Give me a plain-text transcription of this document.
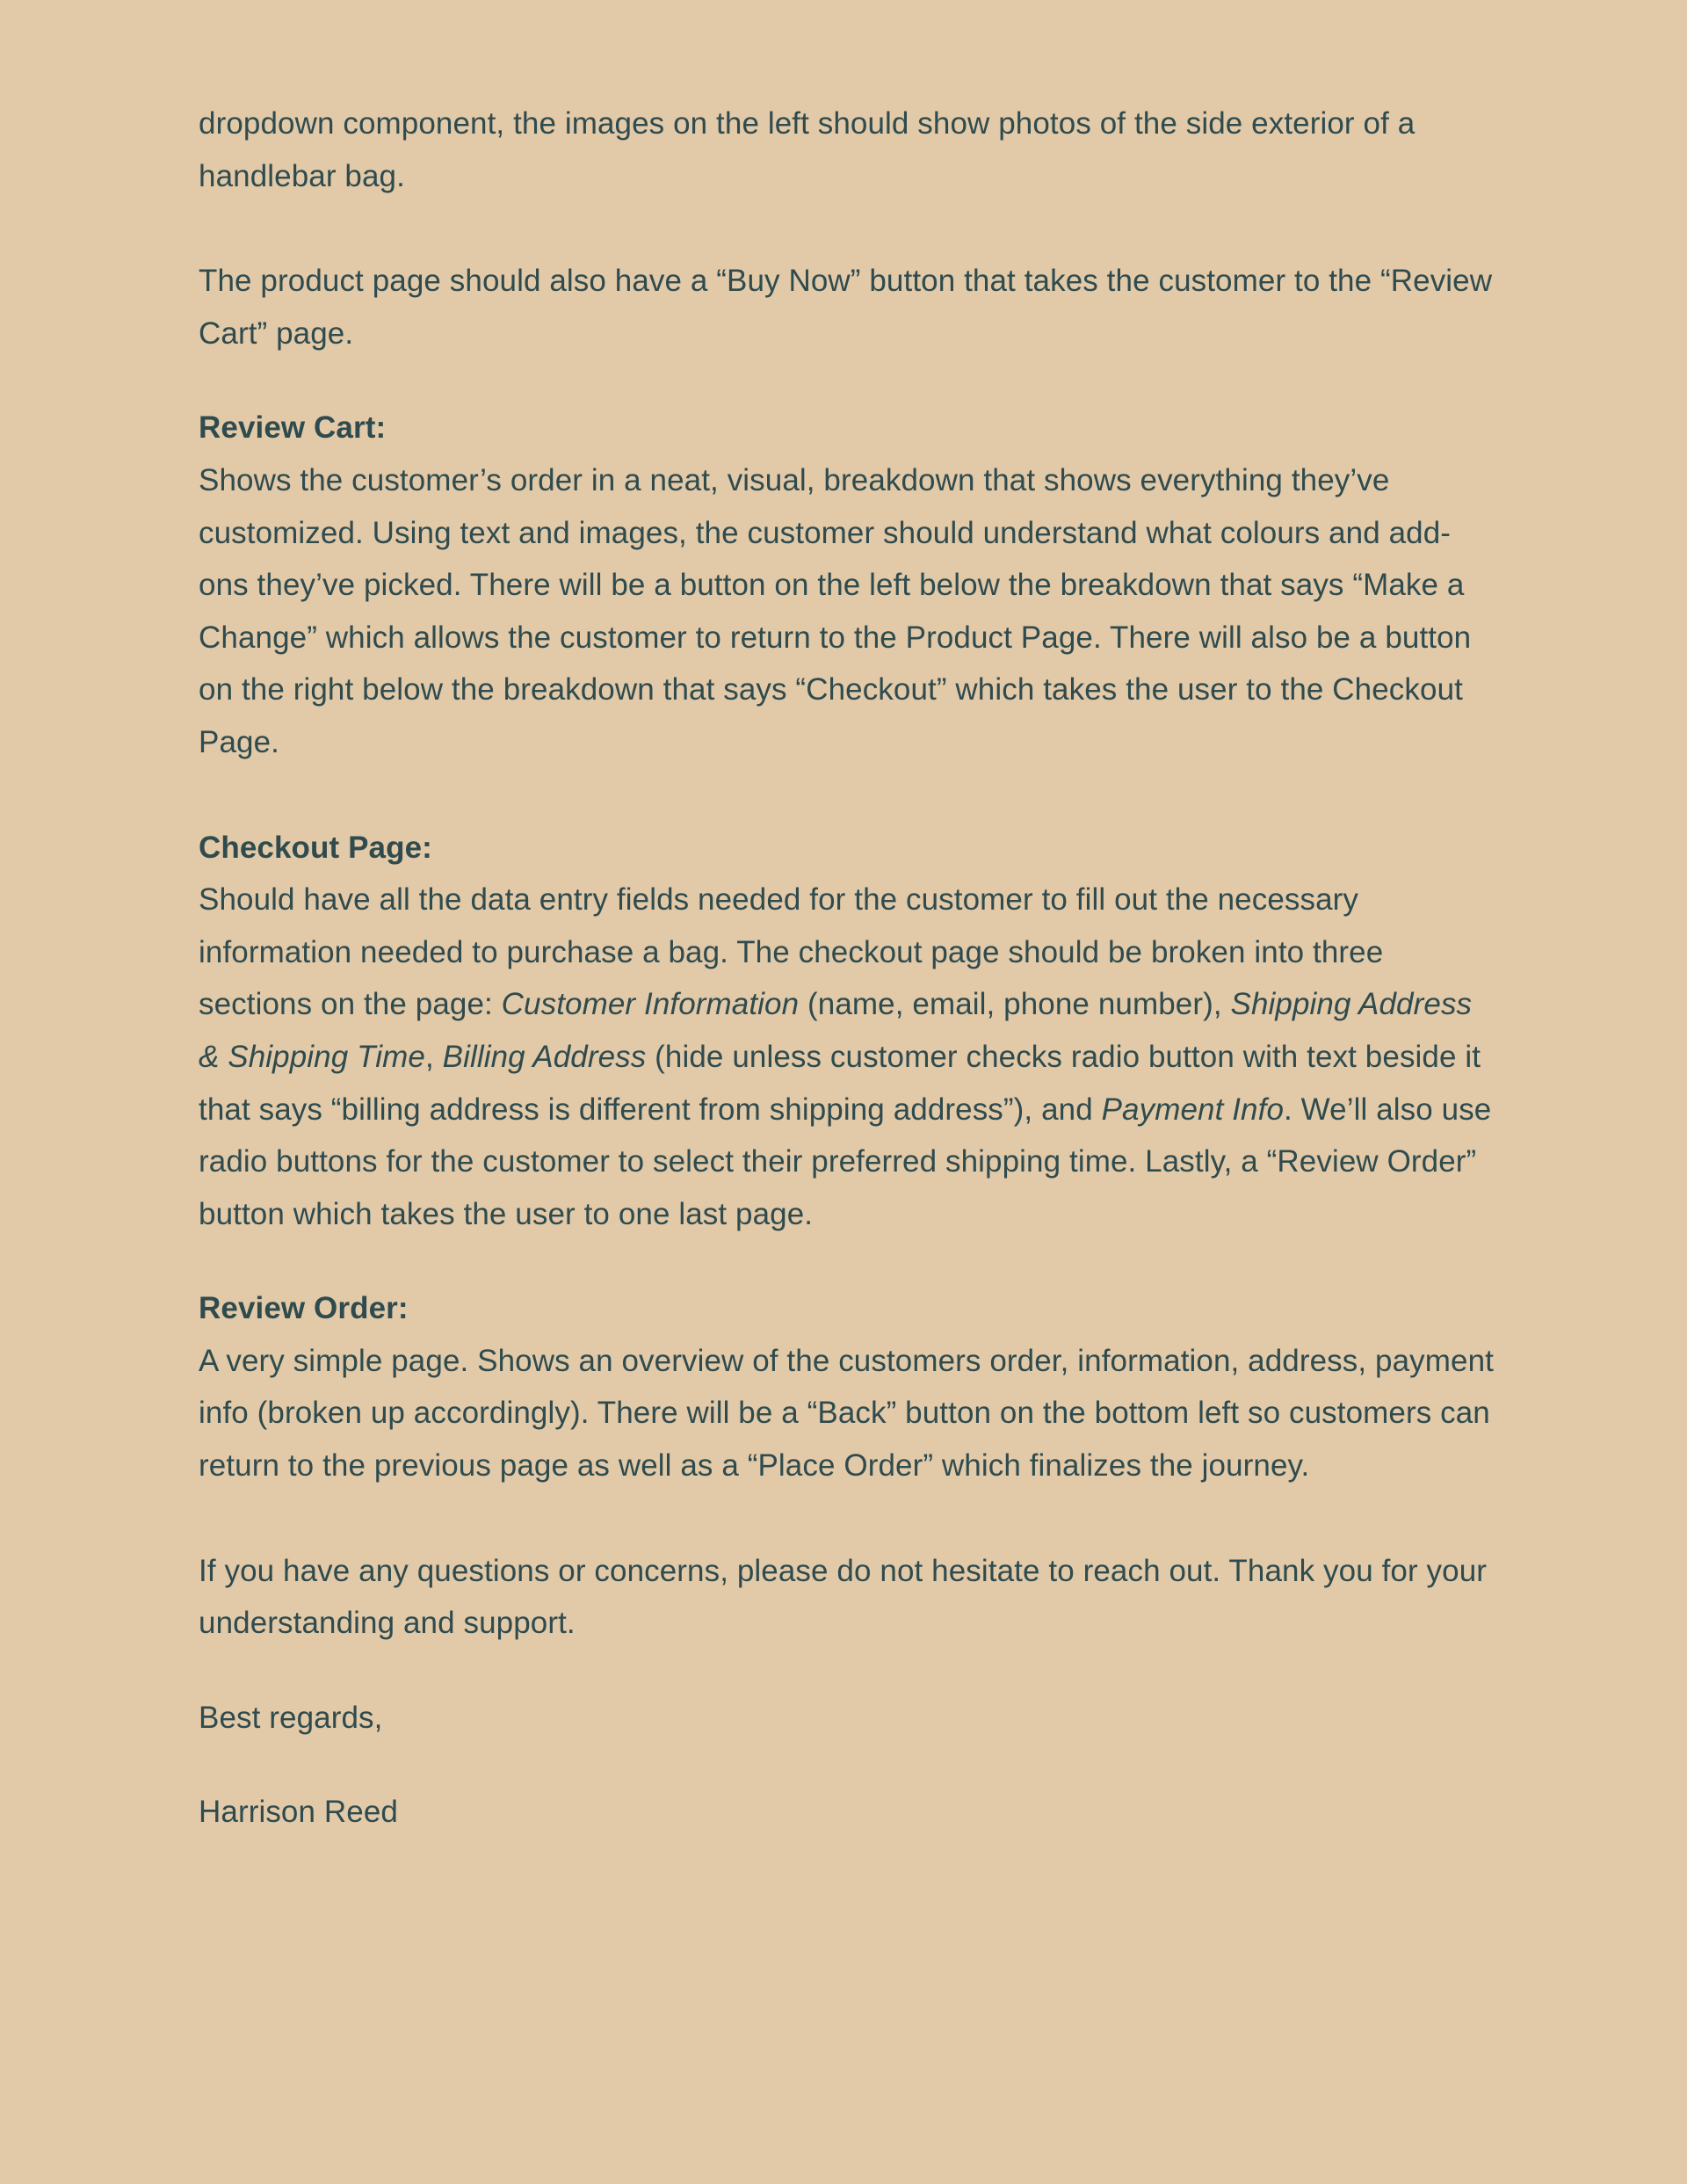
dropdown component, the images on the left should show photos of the side exterior of a handlebar bag.

The product page should also have a “Buy Now” button that takes the customer to the “Review Cart” page.

Review Cart:

Shows the customer’s order in a neat, visual, breakdown that shows everything they’ve customized. Using text and images, the customer should understand what colours and add-ons they’ve picked. There will be a button on the left below the breakdown that says “Make a Change” which allows the customer to return to the Product Page. There will also be a button on the right below the breakdown that says “Checkout” which takes the user to the Checkout Page.

Checkout Page:

Should have all the data entry fields needed for the customer to fill out the necessary information needed to purchase a bag. The checkout page should be broken into three sections on the page: Customer Information (name, email, phone number), Shipping Address & Shipping Time, Billing Address (hide unless customer checks radio button with text beside it that says “billing address is different from shipping address”), and Payment Info. We’ll also use radio buttons for the customer to select their preferred shipping time. Lastly, a “Review Order” button which takes the user to one last page.

Review Order:

A very simple page. Shows an overview of the customers order, information, address, payment info (broken up accordingly). There will be a “Back” button on the bottom left so customers can return to the previous page as well as a “Place Order” which finalizes the journey.

If you have any questions or concerns, please do not hesitate to reach out. Thank you for your understanding and support.

Best regards,

Harrison Reed
